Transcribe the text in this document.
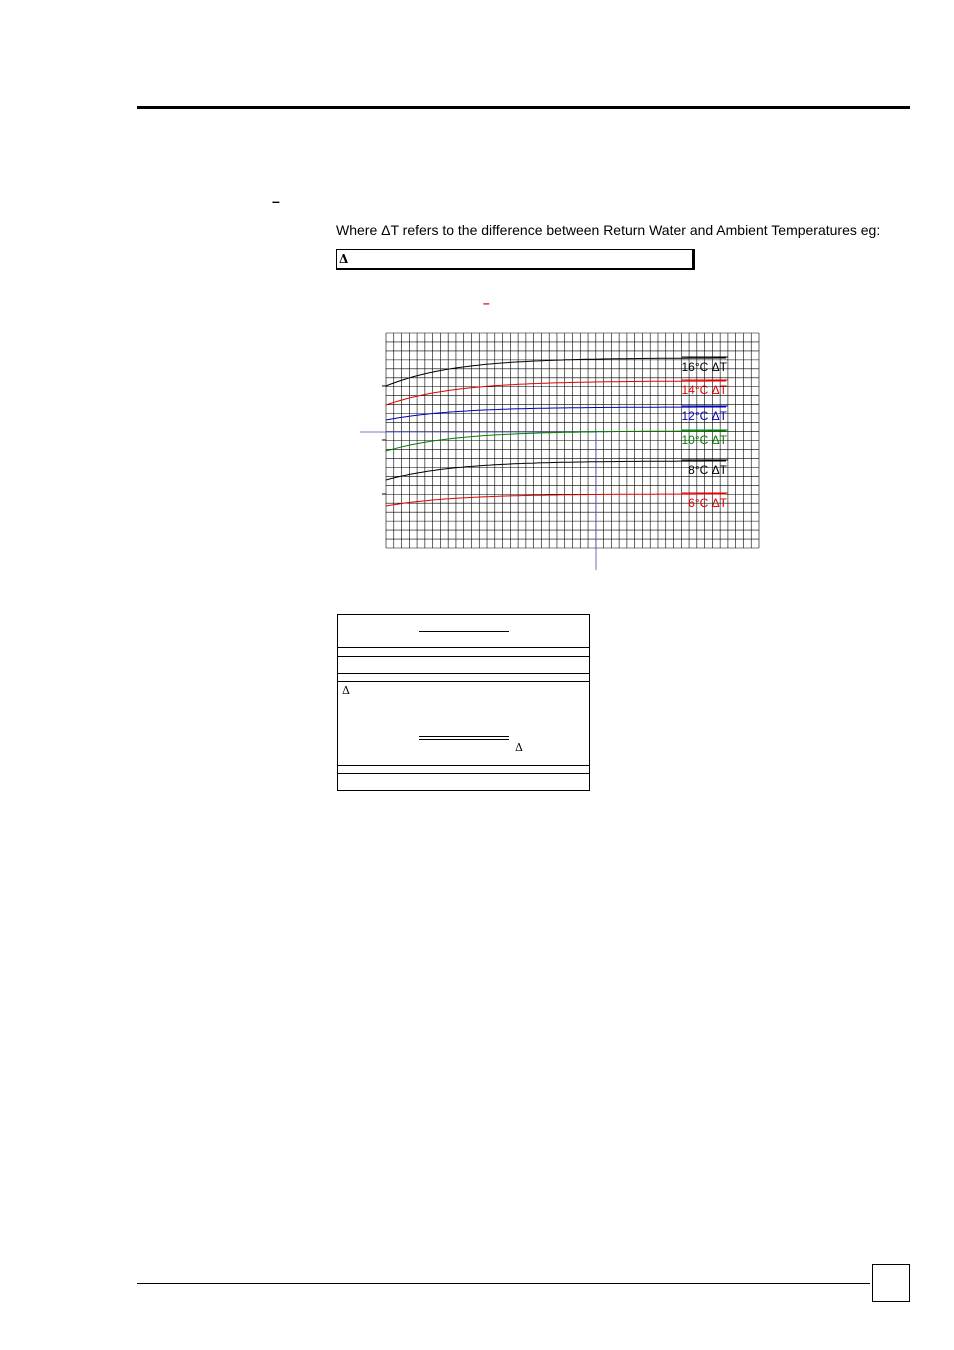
–
Where ΔT refers to the difference between Return Water and Ambient Temperatures eg:
Δ
–
16°C ΔT
14°C ΔT
12°C ΔT
10°C ΔT
8°C ΔT
6°C ΔT
Δ
Δ
